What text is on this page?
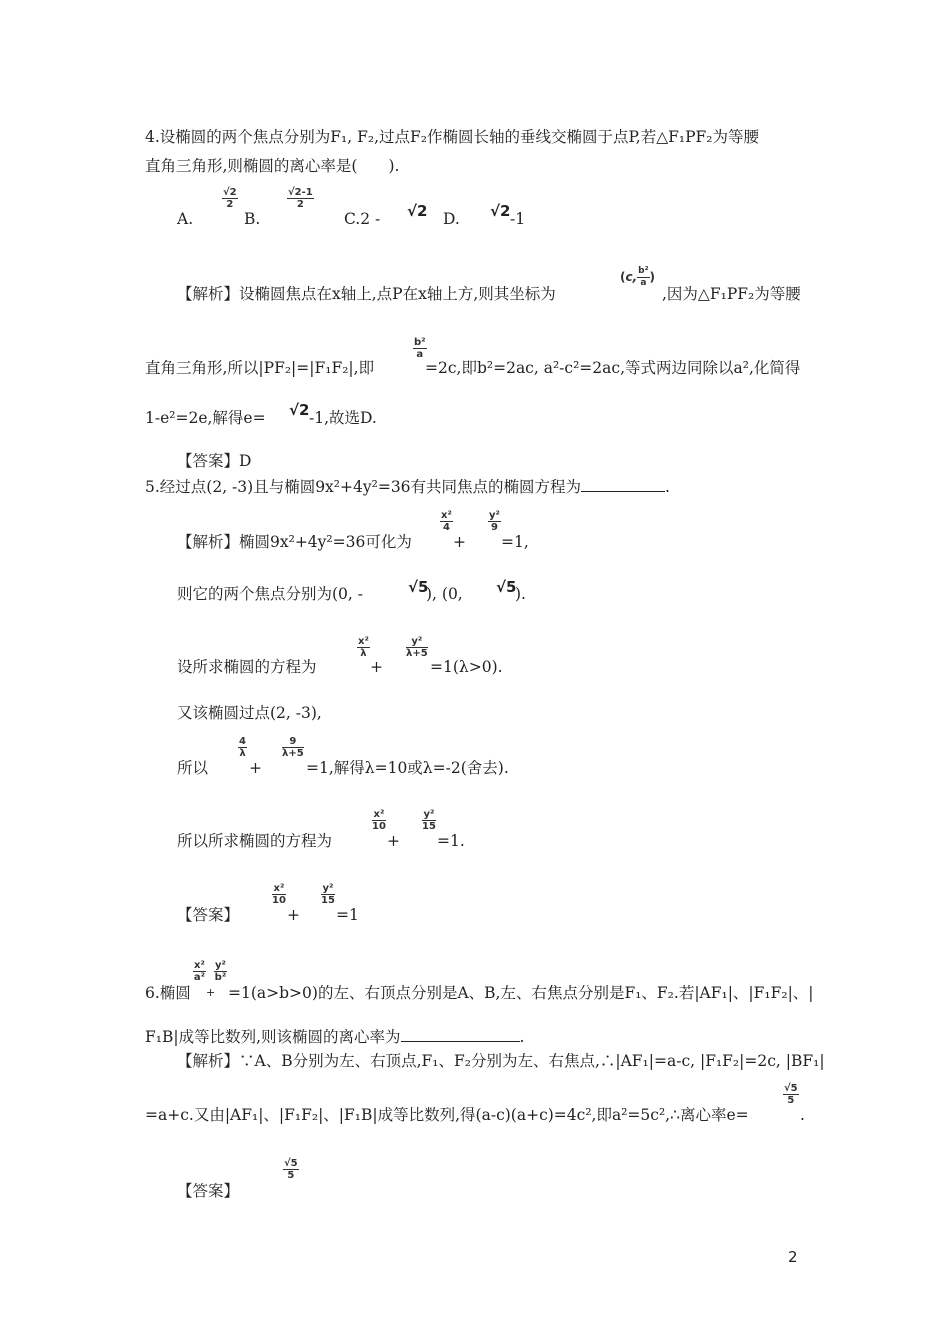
4.设椭圆的两个焦点分别为F₁, F₂,过点F₂作椭圆长轴的垂线交椭圆于点P,若△F₁PF₂为等腰
直角三角形,则椭圆的离心率是(　　).
A.
$\frac{√2}{2}$
B.
$\frac{√2-1}{2}$
C.2 - √2 D. √2 -1
【解析】设椭圆焦点在x轴上,点P在x轴上方,则其坐标为
(c, $\frac{\text{b²}}{a}$ )
,因为△F₁PF₂为等腰
$\frac{\text{b²}}{a}$
直角三角形,所以|PF₂|=|F₁F₂|,即	=2c,即b²=2ac, a²-c²=2ac,等式两边同除以a²,化简得
1-e²=2e,解得e= √2 -1,故选D.
【答案】D
5.经过点(2, -3)且与椭圆9x²+4y²=36有共同焦点的椭圆方程为	.
【解析】椭圆9x²+4y²=36可化为
$\frac{\text{x²}}{4}$
+
$\frac{\text{y²}}{9}$
=1,
则它的两个焦点分别为(0, -	√5
), (0, √5
).
设所求椭圆的方程为
$\frac{\text{x²}}{\lambda}$
+
$\frac{\text{y²}}{\lambda+5}$
=1(λ>0).
又该椭圆过点(2, -3),
所以
$\frac{4}{\lambda}$
+
$\frac{9}{\lambda+5}$
=1,解得λ=10或λ=-2(舍去).
所以所求椭圆的方程为
$\frac{\text{x²}}{10}$
+
$\frac{\text{y²}}{15}$
=1.
【答案】
$\frac{\text{x²}}{10}$
+
$\frac{\text{y²}}{15}$
=1
6.椭圆
$\frac{\text{x²}}{\text{a²}}$
+
$\frac{\text{y²}}{\text{b²}}$
=1(a>b>0)的左、右顶点分别是A、B,左、右焦点分别是F₁、F₂.若|AF₁|、|F₁F₂|、|
F₁B|成等比数列,则该椭圆的离心率为	.
【解析】∵A、B分别为左、右顶点,F₁、F₂分别为左、右焦点,∴|AF₁|=a-c, |F₁F₂|=2c, |BF₁|
=a+c.又由|AF₁|、|F₁F₂|、|F₁B|成等比数列,得(a-c)(a+c)=4c²,即a²=5c²,∴离心率e=
$\frac{√5}{5}$
.
【答案】
$\frac{√5}{5}$
2
